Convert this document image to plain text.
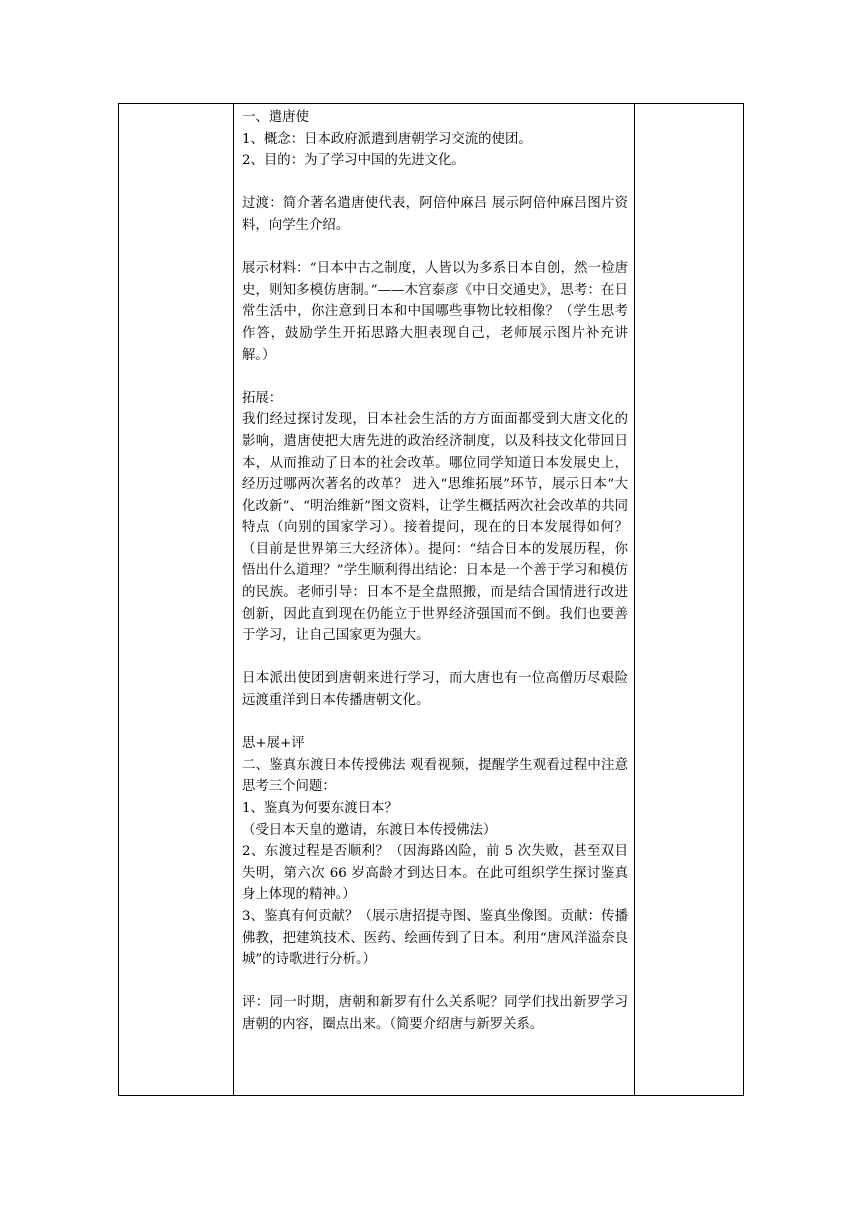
一、遣唐使

1、概念：日本政府派遣到唐朝学习交流的使团。

2、目的：为了学习中国的先进文化。

过渡：简介著名遣唐使代表，阿倍仲麻吕 展示阿倍仲麻吕图片资料，向学生介绍。

展示材料：“日本中古之制度，人皆以为多系日本自创，然一检唐史，则知多模仿唐制。”——木宫泰彦《中日交通史》，思考：在日常生活中，你注意到日本和中国哪些事物比较相像？（学生思考作答，鼓励学生开拓思路大胆表现自己，老师展示图片补充讲解。）

拓展：

我们经过探讨发现，日本社会生活的方方面面都受到大唐文化的影响，遣唐使把大唐先进的政治经济制度，以及科技文化带回日本，从而推动了日本的社会改革。哪位同学知道日本发展史上，经历过哪两次著名的改革？ 进入“思维拓展”环节，展示日本“大化改新”、“明治维新”图文资料，让学生概括两次社会改革的共同特点（向别的国家学习）。接着提问，现在的日本发展得如何？（目前是世界第三大经济体）。提问：“结合日本的发展历程，你悟出什么道理？”学生顺利得出结论：日本是一个善于学习和模仿的民族。老师引导：日本不是全盘照搬，而是结合国情进行改进创新，因此直到现在仍能立于世界经济强国而不倒。我们也要善于学习，让自己国家更为强大。

日本派出使团到唐朝来进行学习，而大唐也有一位高僧历尽艰险远渡重洋到日本传播唐朝文化。

思+展+评

二、鉴真东渡日本传授佛法 观看视频，提醒学生观看过程中注意思考三个问题：

1、鉴真为何要东渡日本？

（受日本天皇的邀请，东渡日本传授佛法）

2、东渡过程是否顺利？（因海路凶险，前 5 次失败，甚至双目失明，第六次 66 岁高龄才到达日本。在此可组织学生探讨鉴真身上体现的精神。）

3、鉴真有何贡献？（展示唐招提寺图、鉴真坐像图。贡献：传播佛教，把建筑技术、医药、绘画传到了日本。利用“唐风洋溢奈良城”的诗歌进行分析。）

评：同一时期，唐朝和新罗有什么关系呢？同学们找出新罗学习唐朝的内容，圈点出来。（简要介绍唐与新罗关系。
